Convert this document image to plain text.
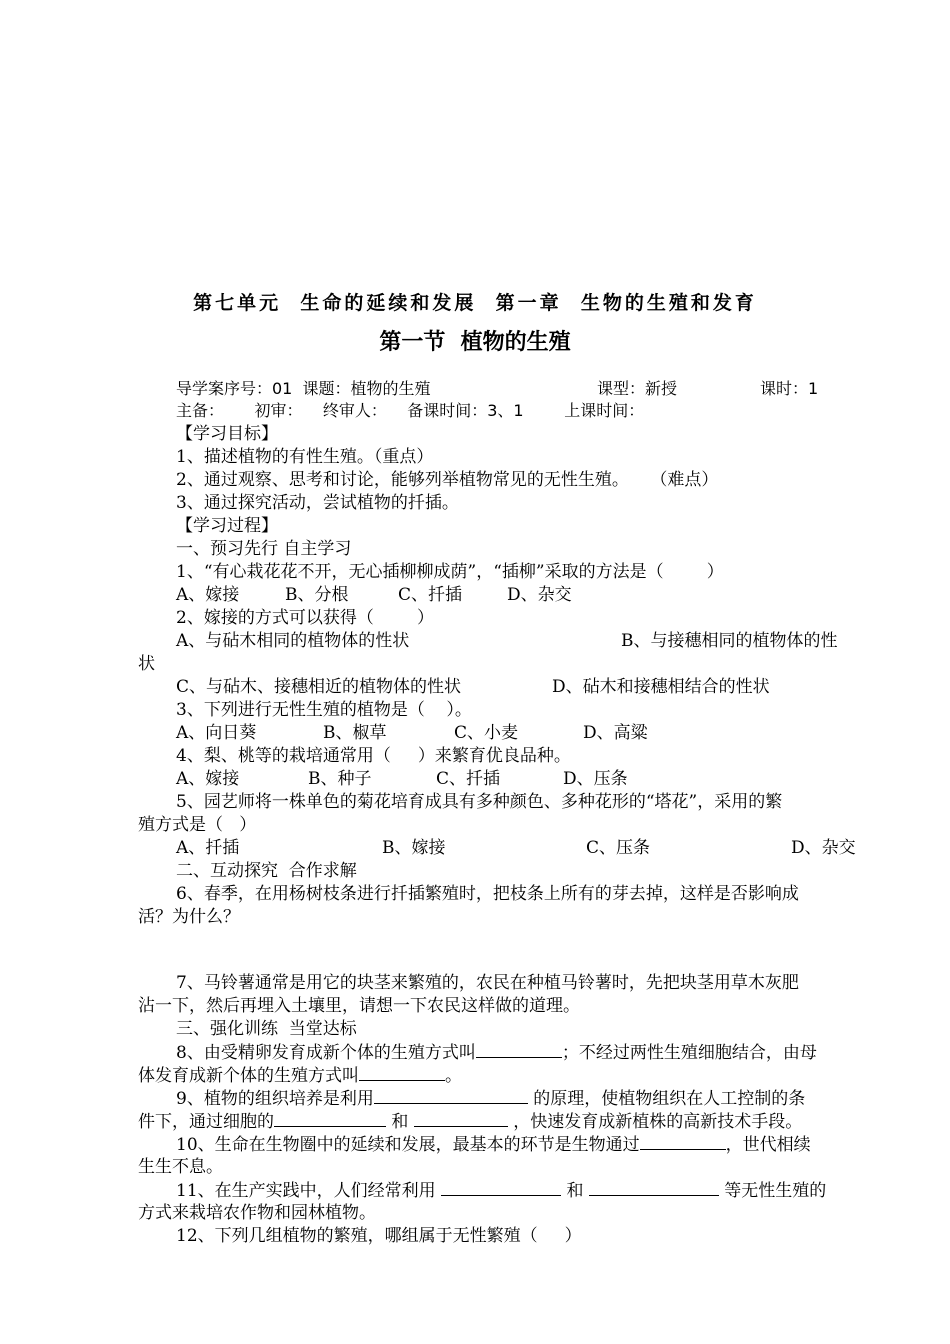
第七单元  生命的延续和发展  第一章  生物的生殖和发育
第一节  植物的生殖
导学案序号：01  课题：植物的生殖	课型：新授	课时：1
主备：      初审：    终审人：    备课时间：3、1        上课时间：
【学习目标】
1、描述植物的有性生殖。（重点）
2、通过观察、思考和讨论，能够列举植物常见的无性生殖。    （难点）
3、通过探究活动，尝试植物的扦插。
【学习过程】
一、预习先行 自主学习
1、“有心栽花花不开，无心插柳柳成荫”，“插柳”采取的方法是（        ）
A、嫁接	B、分根	C、扦插	D、杂交
2、嫁接的方式可以获得（        ）
A、与砧木相同的植物体的性状	B、与接穗相同的植物体的性
状
C、与砧木、接穗相近的植物体的性状	D、砧木和接穗相结合的性状
3、下列进行无性生殖的植物是（    ）。
A、向日葵	B、椒草	C、小麦	D、高粱
4、梨、桃等的栽培通常用（     ）来繁育优良品种。
A、嫁接	B、种子	C、扦插	D、压条
5、园艺师将一株单色的菊花培育成具有多种颜色、多种花形的“塔花”，采用的繁
殖方式是（   ）
A、扦插	B、嫁接	C、压条	D、杂交
二、互动探究  合作求解
6、春季，在用杨树枝条进行扦插繁殖时，把枝条上所有的芽去掉，这样是否影响成
活？为什么？
7、马铃薯通常是用它的块茎来繁殖的，农民在种植马铃薯时，先把块茎用草木灰肥
沾一下，然后再埋入土壤里，请想一下农民这样做的道理。
三、强化训练  当堂达标
8、由受精卵发育成新个体的生殖方式叫	；不经过两性生殖细胞结合，由母
体发育成新个体的生殖方式叫	。
9、植物的组织培养是利用	的原理，使植物组织在人工控制的条
件下，通过细胞的	和	，快速发育成新植株的高新技术手段。
10、生命在生物圈中的延续和发展，最基本的环节是生物通过	，世代相续
生生不息。
11、在生产实践中，人们经常利用	和	等无性生殖的
方式来栽培农作物和园林植物。
12、下列几组植物的繁殖，哪组属于无性繁殖（     ）
